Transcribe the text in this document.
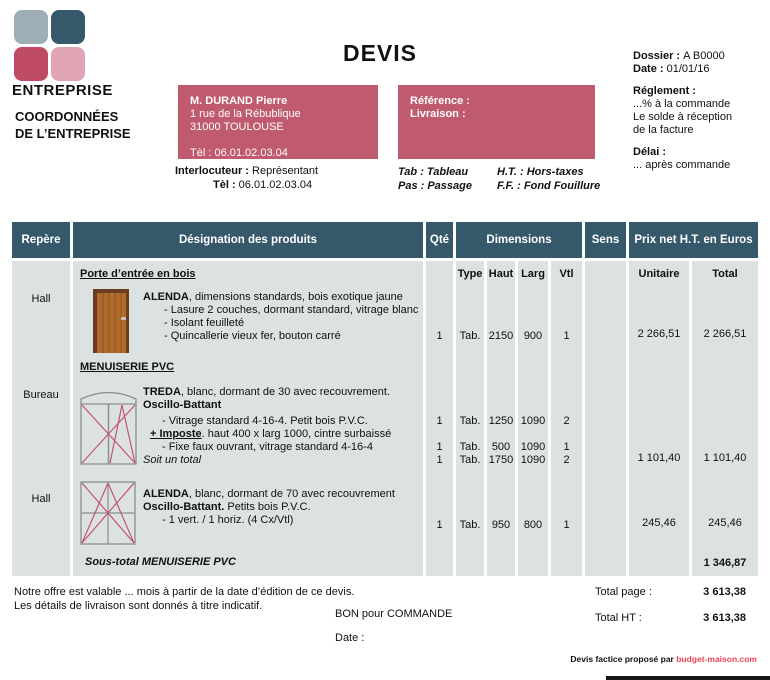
ENTREPRISE
COORDONNÉES
DE L’ENTREPRISE
DEVIS
M. DURAND Pierre
1 rue de la Rébublique
31000 TOULOUSE
Tèl : 06.01.02.03.04
Référence :
Livraison :
Interlocuteur : Représentant
Tèl : 06.01.02.03.04
Tab : Tableau
Pas : Passage
H.T. : Hors-taxes
F.F. : Fond Fouillure
Dossier : A B0000
Date : 01/01/16
Réglement :
...% à la commande
Le solde à réception
de la facture
Délai :
... après commande
Repère	Désignation des produits	Qté	Dimensions	Sens	Prix net H.T. en Euros
Type Haut Larg	Vtl	Unitaire	Total
Porte d’entrée en bois
Hall	ALENDA, dimensions standards, bois exotique jaune
- Lasure 2 couches, dormant standard, vitrage blanc
- Isolant feuilleté
- Quincallerie vieux fer, bouton carré	1	Tab. 2150 900	1	2 266,51	2 266,51
MENUISERIE PVC
Bureau	TREDA, blanc, dormant de 30 avec recouvrement.
Oscillo-Battant
- Vitrage standard 4-16-4. Petit bois P.V.C.
+ Imposte. haut 400 x larg 1000, cintre surbaissé
- Fixe faux ouvrant, vitrage standard 4-16-4
Soit un total
1	Tab. 1250 1090	2
1	Tab.	500 1090	1
1	Tab. 1750 1090	2	1 101,40	1 101,40
Hall	ALENDA, blanc, dormant de 70 avec recouvrement
Oscillo-Battant. Petits bois P.V.C.
- 1 vert. / 1 horiz. (4 Cx/Vtl)	1	Tab.	950	800	1	245,46	245,46
Sous-total MENUISERIE PVC	1 346,87
Notre offre est valable ... mois à partir de la date d’édition de ce devis.
Les détails de livraison sont donnés à titre indicatif.
BON pour COMMANDE
Date :
Total page :	3 613,38
Total HT :	3 613,38
Devis factice proposé par budget-maison.com
